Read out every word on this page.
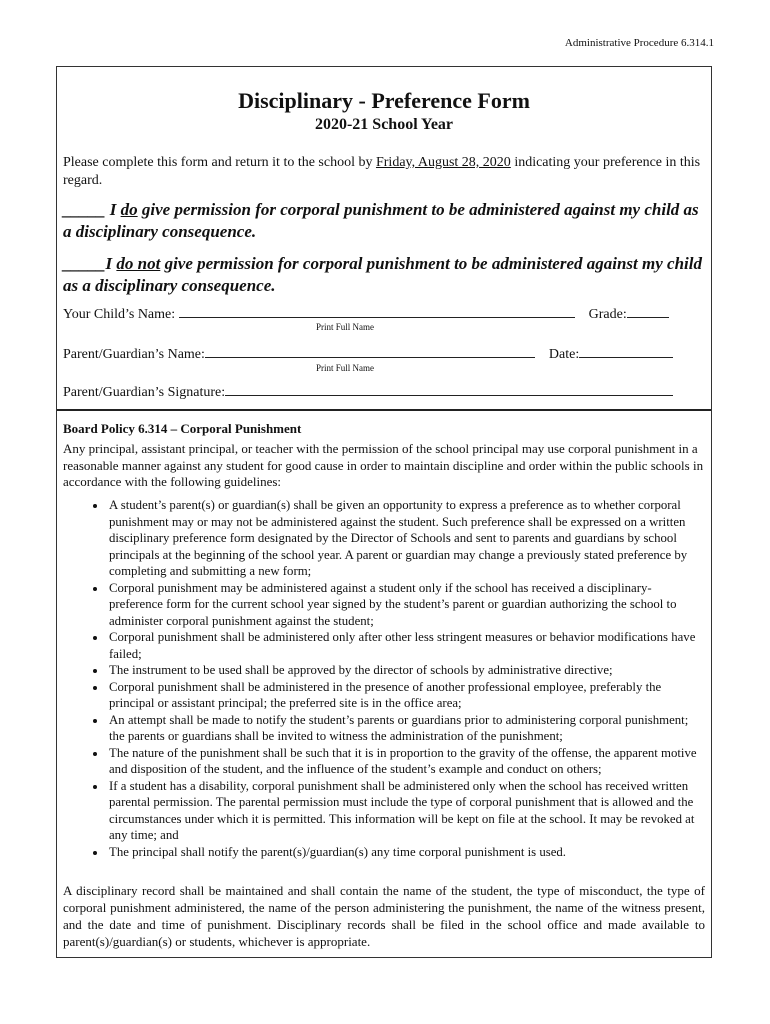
Administrative Procedure 6.314.1
Disciplinary - Preference Form
2020-21 School Year
Please complete this form and return it to the school by Friday, August 28, 2020 indicating your preference in this regard.
_____ I do give permission for corporal punishment to be administered against my child as a disciplinary consequence.
_____I do not give permission for corporal punishment to be administered against my child as a disciplinary consequence.
Your Child’s Name:	Grade:
Print Full Name
Parent/Guardian’s Name:	Date:
Print Full Name
Parent/Guardian’s Signature:
Board Policy 6.314 – Corporal Punishment
Any principal, assistant principal, or teacher with the permission of the school principal may use corporal punishment in a reasonable manner against any student for good cause in order to maintain discipline and order within the public schools in accordance with the following guidelines:
• A student’s parent(s) or guardian(s) shall be given an opportunity to express a preference as to whether corporal punishment may or may not be administered against the student. Such preference shall be expressed on a written disciplinary preference form designated by the Director of Schools and sent to parents and guardians by school principals at the beginning of the school year. A parent or guardian may change a previously stated preference by completing and submitting a new form;
• Corporal punishment may be administered against a student only if the school has received a disciplinary-preference form for the current school year signed by the student’s parent or guardian authorizing the school to administer corporal punishment against the student;
• Corporal punishment shall be administered only after other less stringent measures or behavior modifications have failed;
• The instrument to be used shall be approved by the director of schools by administrative directive;
• Corporal punishment shall be administered in the presence of another professional employee, preferably the principal or assistant principal; the preferred site is in the office area;
• An attempt shall be made to notify the student’s parents or guardians prior to administering corporal punishment; the parents or guardians shall be invited to witness the administration of the punishment;
• The nature of the punishment shall be such that it is in proportion to the gravity of the offense, the apparent motive and disposition of the student, and the influence of the student’s example and conduct on others;
• If a student has a disability, corporal punishment shall be administered only when the school has received written parental permission. The parental permission must include the type of corporal punishment that is allowed and the circumstances under which it is permitted. This information will be kept on file at the school. It may be revoked at any time; and
• The principal shall notify the parent(s)/guardian(s) any time corporal punishment is used.
A disciplinary record shall be maintained and shall contain the name of the student, the type of misconduct, the type of corporal punishment administered, the name of the person administering the punishment, the name of the witness present, and the date and time of punishment. Disciplinary records shall be filed in the school office and made available to parent(s)/guardian(s) or students, whichever is appropriate.
